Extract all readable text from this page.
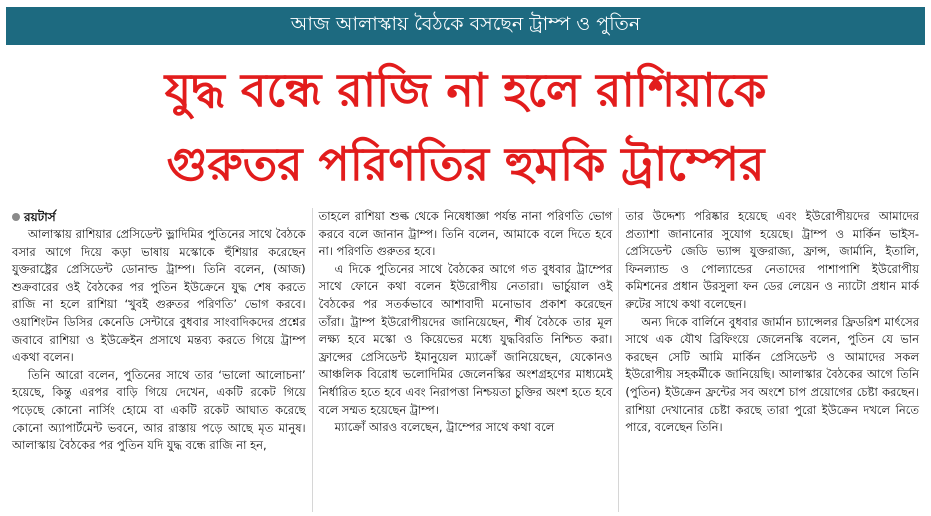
আজ আলাস্কায় বৈঠকে বসছেন ট্রাম্প ও পুতিন
যুদ্ধ বন্ধে রাজি না হলে রাশিয়াকে
গুরুতর পরিণতির হুমকি ট্রাম্পের
রয়টার্স

আলাস্কায় রাশিয়ার প্রেসিডেন্ট ভ্লাদিমির পুতিনের সাথে বৈঠকে বসার আগে দিয়ে কড়া ভাষায় মস্কোকে হুঁশিয়ার করেছেন যুক্তরাষ্ট্রের প্রেসিডেন্ট ডোনাল্ড ট্রাম্প। তিনি বলেন, (আজ) শুক্রবারের ওই বৈঠকের পর পুতিন ইউক্রেনে যুদ্ধ শেষ করতে রাজি না হলে রাশিয়া ‘খুবই গুরুতর পরিণতি’ ভোগ করবে। ওয়াশিংটন ডিসির কেনেডি সেন্টারে বুধবার সাংবাদিকদের প্রশ্নের জবাবে রাশিয়া ও ইউক্রেইন প্রসাথে মন্তব্য করতে গিয়ে ট্রাম্প একথা বলেন।

তিনি আরো বলেন, পুতিনের সাথে তার ‘ভালো আলোচনা’ হয়েছে, কিন্তু এরপর বাড়ি গিয়ে দেখেন, একটি রকেট গিয়ে পড়েছে কোনো নার্সিং হোমে বা একটি রকেট আঘাত করেছে কোনো অ্যাপার্টমেন্ট ভবনে, আর রাস্তায় পড়ে আছে মৃত মানুষ। আলাস্কায় বৈঠকের পর পুতিন যদি যুদ্ধ বন্ধে রাজি না হন,

তাহলে রাশিয়া শুল্ক থেকে নিষেধাজ্ঞা পর্যন্ত নানা পরিণতি ভোগ করবে বলে জানান ট্রাম্প। তিনি বলেন, আমাকে বলে দিতে হবে না। পরিণতি গুরুতর হবে।

এ দিকে পুতিনের সাথে বৈঠকের আগে গত বুধবার ট্রাম্পের সাথে ফোনে কথা বলেন ইউরোপীয় নেতারা। ভার্চুয়াল ওই বৈঠকের পর সতর্কভাবে আশাবাদী মনোভাব প্রকাশ করেছেন তাঁরা। ট্রাম্প ইউরোপীয়দের জানিয়েছেন, শীর্ষ বৈঠকে তার মূল লক্ষ্য হবে মস্কো ও কিয়েভের মধ্যে যুদ্ধবিরতি নিশ্চিত করা। ফ্রান্সের প্রেসিডেন্ট ইমানুয়েল ম্যাক্রোঁ জানিয়েছেন, যেকোনও আঞ্চলিক বিরোধ ভলোদিমির জেলেনস্কির অংশগ্রহণের মাধ্যমেই নির্ধারিত হতে হবে এবং নিরাপত্তা নিশ্চয়তা চুক্তির অংশ হতে হবে বলে সম্মত হয়েছেন ট্রাম্প।

ম্যাক্রোঁ আরও বলেছেন, ট্রাম্পের সাথে কথা বলে

তার উদ্দেশ্য পরিষ্কার হয়েছে এবং ইউরোপীয়দের আমাদের প্রত্যাশা জানানোর সুযোগ হয়েছে। ট্রাম্প ও মার্কিন ভাইস-প্রেসিডেন্ট জেডি ভ্যান্স যুক্তরাজ্য, ফ্রান্স, জার্মানি, ইতালি, ফিনল্যান্ড ও পোল্যান্ডের নেতাদের পাশাপাশি ইউরোপীয় কমিশনের প্রধান উরসুলা ফন ডের লেয়েন ও ন্যাটো প্রধান মার্ক রুটের সাথে কথা বলেছেন।

অন্য দিকে বার্লিনে বুধবার জার্মান চ্যান্সেলর ফ্রিডরিশ মার্ৎসের সাথে এক যৌথ ব্রিফিংয়ে জেলেনস্কি বলেন, পুতিন যে ভান করছেন সেটি আমি মার্কিন প্রেসিডেন্ট ও আমাদের সকল ইউরোপীয় সহকর্মীকে জানিয়েছি। আলাস্কার বৈঠকের আগে তিনি (পুতিন) ইউক্রেন ফ্রন্টের সব অংশে চাপ প্রয়োগের চেষ্টা করছেন। রাশিয়া দেখানোর চেষ্টা করছে তারা পুরো ইউক্রেন দখলে নিতে পারে, বলেছেন তিনি।
